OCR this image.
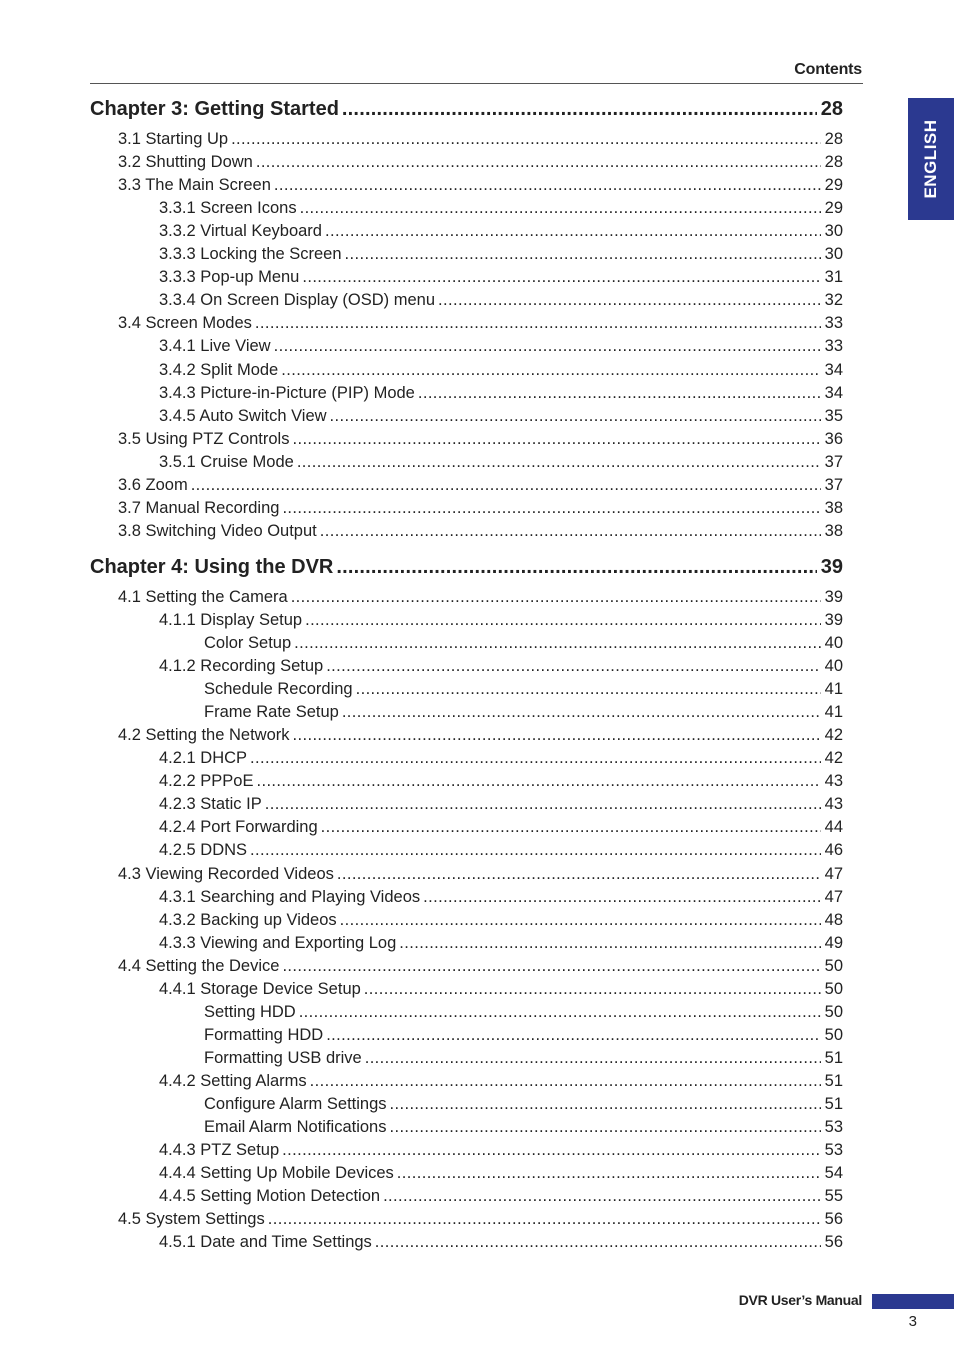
Contents
ENGLISH
Chapter 3: Getting Started .....	28
3.1 Starting Up .....	28
3.2 Shutting Down .....	28
3.3 The Main Screen .....	29
3.3.1 Screen Icons .....	29
3.3.2 Virtual Keyboard .....	30
3.3.3 Locking the Screen .....	30
3.3.3 Pop-up Menu .....	31
3.3.4 On Screen Display (OSD) menu .....	32
3.4 Screen Modes .....	33
3.4.1 Live View .....	33
3.4.2 Split Mode .....	34
3.4.3 Picture-in-Picture (PIP) Mode .....	34
3.4.5 Auto Switch View .....	35
3.5 Using PTZ Controls .....	36
3.5.1 Cruise Mode .....	37
3.6 Zoom .....	37
3.7 Manual Recording .....	38
3.8 Switching Video Output .....	38
Chapter 4: Using the DVR .....	39
4.1 Setting the Camera .....	39
4.1.1 Display Setup .....	39
Color Setup .....	40
4.1.2 Recording Setup .....	40
Schedule Recording .....	41
Frame Rate Setup .....	41
4.2 Setting the Network .....	42
4.2.1 DHCP .....	42
4.2.2 PPPoE .....	43
4.2.3 Static IP .....	43
4.2.4 Port Forwarding .....	44
4.2.5 DDNS .....	46
4.3 Viewing Recorded Videos .....	47
4.3.1 Searching and Playing Videos .....	47
4.3.2 Backing up Videos .....	48
4.3.3 Viewing and Exporting Log .....	49
4.4 Setting the Device .....	50
4.4.1 Storage Device Setup .....	50
Setting HDD .....	50
Formatting HDD .....	50
Formatting USB drive .....	51
4.4.2 Setting Alarms .....	51
Configure Alarm Settings .....	51
Email Alarm Notifications .....	53
4.4.3 PTZ Setup .....	53
4.4.4 Setting Up Mobile Devices .....	54
4.4.5 Setting Motion Detection .....	55
4.5 System Settings .....	56
4.5.1 Date and Time Settings .....	56
DVR User’s Manual
3
